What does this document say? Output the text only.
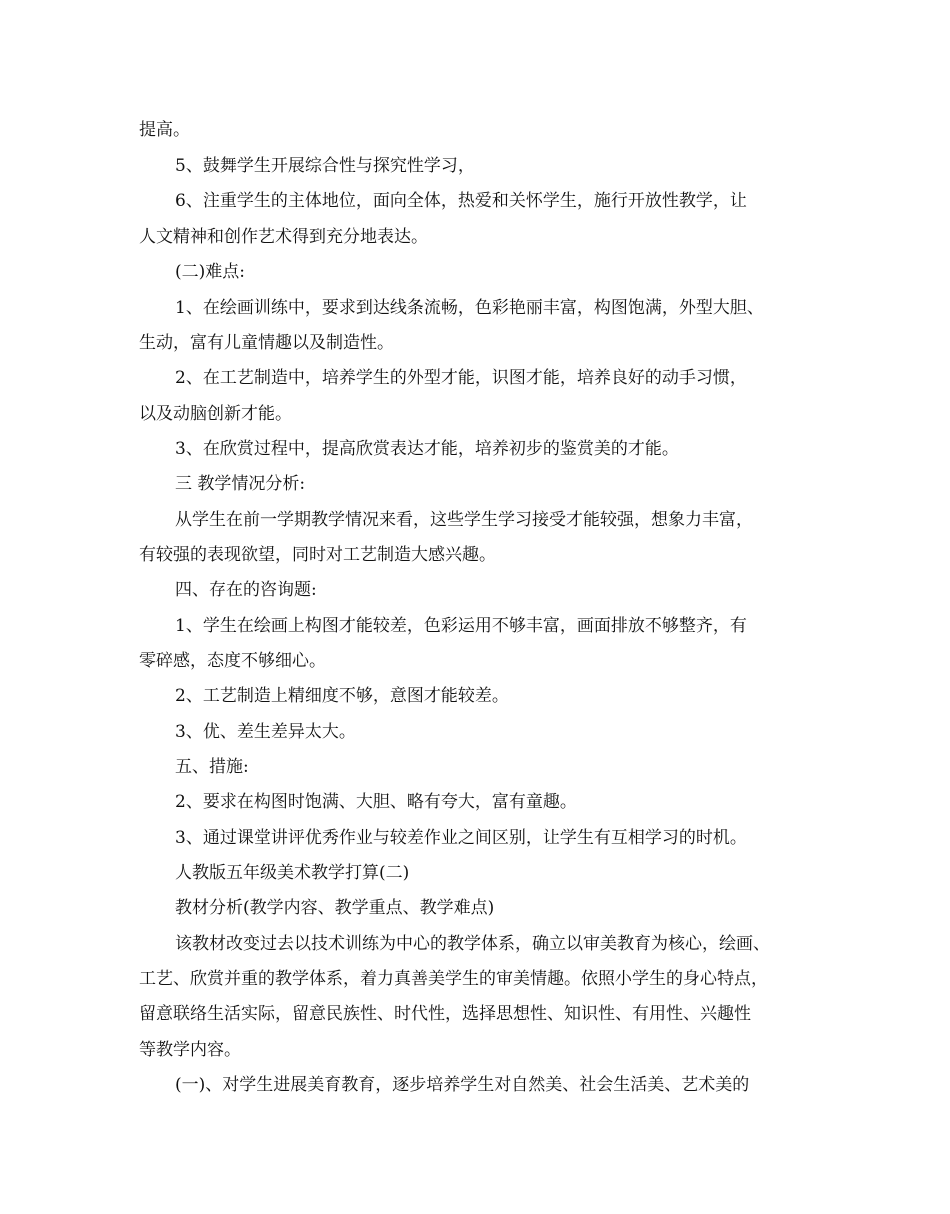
提高。
5、鼓舞学生开展综合性与探究性学习，
6、注重学生的主体地位，面向全体，热爱和关怀学生，施行开放性教学，让
人文精神和创作艺术得到充分地表达。
(二)难点:
1、在绘画训练中，要求到达线条流畅，色彩艳丽丰富，构图饱满，外型大胆、
生动，富有儿童情趣以及制造性。
2、在工艺制造中，培养学生的外型才能，识图才能，培养良好的动手习惯，
以及动脑创新才能。
3、在欣赏过程中，提高欣赏表达才能，培养初步的鉴赏美的才能。
三 教学情况分析:
从学生在前一学期教学情况来看，这些学生学习接受才能较强，想象力丰富，
有较强的表现欲望，同时对工艺制造大感兴趣。
四、存在的咨询题:
1、学生在绘画上构图才能较差，色彩运用不够丰富，画面排放不够整齐，有
零碎感，态度不够细心。
2、工艺制造上精细度不够，意图才能较差。
3、优、差生差异太大。
五、措施:
2、要求在构图时饱满、大胆、略有夸大，富有童趣。
3、通过课堂讲评优秀作业与较差作业之间区别，让学生有互相学习的时机。
人教版五年级美术教学打算(二)
教材分析(教学内容、教学重点、教学难点)
该教材改变过去以技术训练为中心的教学体系，确立以审美教育为核心，绘画、
工艺、欣赏并重的教学体系，着力真善美学生的审美情趣。依照小学生的身心特点，
留意联络生活实际，留意民族性、时代性，选择思想性、知识性、有用性、兴趣性
等教学内容。
(一)、对学生进展美育教育，逐步培养学生对自然美、社会生活美、艺术美的
